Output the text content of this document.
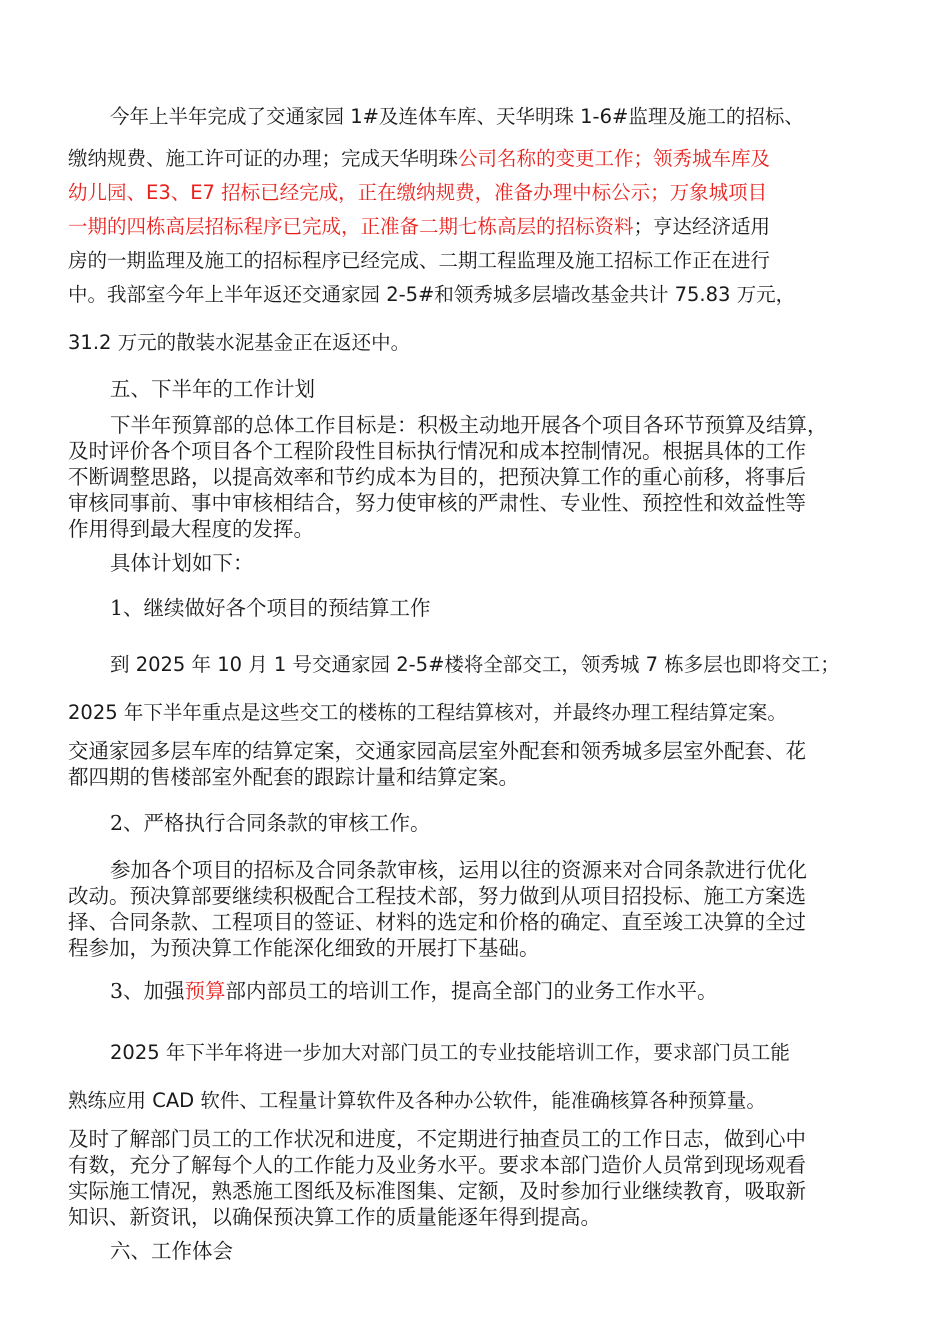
今年上半年完成了交通家园 1#及连体车库、天华明珠 1-6#监理及施工的招标、
缴纳规费、施工许可证的办理；完成天华明珠公司名称的变更工作；领秀城车库及
幼儿园、E3、E7 招标已经完成，正在缴纳规费，准备办理中标公示；万象城项目
一期的四栋高层招标程序已完成，正准备二期七栋高层的招标资料；亨达经济适用
房的一期监理及施工的招标程序已经完成、二期工程监理及施工招标工作正在进行
中。我部室今年上半年返还交通家园 2-5#和领秀城多层墙改基金共计 75.83 万元，
31.2 万元的散装水泥基金正在返还中。
五、下半年的工作计划
下半年预算部的总体工作目标是：积极主动地开展各个项目各环节预算及结算，
及时评价各个项目各个工程阶段性目标执行情况和成本控制情况。根据具体的工作
不断调整思路，以提高效率和节约成本为目的，把预决算工作的重心前移，将事后
审核同事前、事中审核相结合，努力使审核的严肃性、专业性、预控性和效益性等
作用得到最大程度的发挥。
具体计划如下：
1、继续做好各个项目的预结算工作
到 2025 年 10 月 1 号交通家园 2-5#楼将全部交工，领秀城 7 栋多层也即将交工；
2025 年下半年重点是这些交工的楼栋的工程结算核对，并最终办理工程结算定案。
交通家园多层车库的结算定案，交通家园高层室外配套和领秀城多层室外配套、花
都四期的售楼部室外配套的跟踪计量和结算定案。
2、严格执行合同条款的审核工作。
参加各个项目的招标及合同条款审核，运用以往的资源来对合同条款进行优化
改动。预决算部要继续积极配合工程技术部，努力做到从项目招投标、施工方案选
择、合同条款、工程项目的签证、材料的选定和价格的确定、直至竣工决算的全过
程参加，为预决算工作能深化细致的开展打下基础。
3、加强预算部内部员工的培训工作，提高全部门的业务工作水平。
2025 年下半年将进一步加大对部门员工的专业技能培训工作，要求部门员工能
熟练应用 CAD 软件、工程量计算软件及各种办公软件，能准确核算各种预算量。
及时了解部门员工的工作状况和进度，不定期进行抽查员工的工作日志，做到心中
有数，充分了解每个人的工作能力及业务水平。要求本部门造价人员常到现场观看
实际施工情况，熟悉施工图纸及标准图集、定额，及时参加行业继续教育，吸取新
知识、新资讯，以确保预决算工作的质量能逐年得到提高。
六、工作体会
